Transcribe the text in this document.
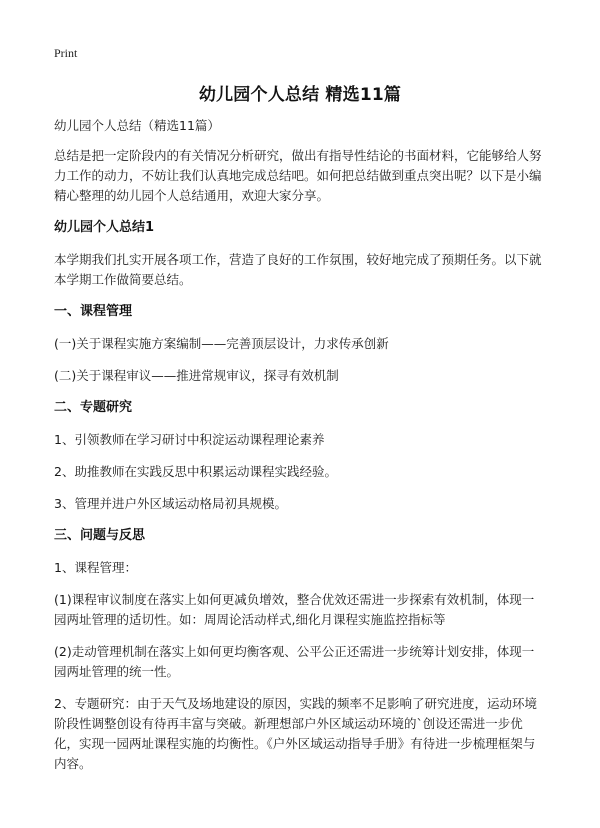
Print
幼儿园个人总结 精选11篇

幼儿园个人总结（精选11篇）

总结是把一定阶段内的有关情况分析研究，做出有指导性结论的书面材料，它能够给人努力工作的动力，不妨让我们认真地完成总结吧。如何把总结做到重点突出呢？以下是小编精心整理的幼儿园个人总结通用，欢迎大家分享。

幼儿园个人总结1

本学期我们扎实开展各项工作，营造了良好的工作氛围，较好地完成了预期任务。以下就本学期工作做简要总结。

一、课程管理

(一)关于课程实施方案编制——完善顶层设计，力求传承创新

(二)关于课程审议——推进常规审议，探寻有效机制

二、专题研究

1、引领教师在学习研讨中积淀运动课程理论素养

2、助推教师在实践反思中积累运动课程实践经验。

3、管理并进户外区域运动格局初具规模。

三、问题与反思

1、课程管理：

(1)课程审议制度在落实上如何更减负增效，整合优效还需进一步探索有效机制，体现一园两址管理的适切性。如：周周论活动样式,细化月课程实施监控指标等

(2)走动管理机制在落实上如何更均衡客观、公平公正还需进一步统筹计划安排，体现一园两址管理的统一性。

2、专题研究：由于天气及场地建设的原因，实践的频率不足影响了研究进度，运动环境阶段性调整创设有待再丰富与突破。新理想部户外区域运动环境的`创设还需进一步优化，实现一园两址课程实施的均衡性。《户外区域运动指导手册》有待进一步梳理框架与内容。
